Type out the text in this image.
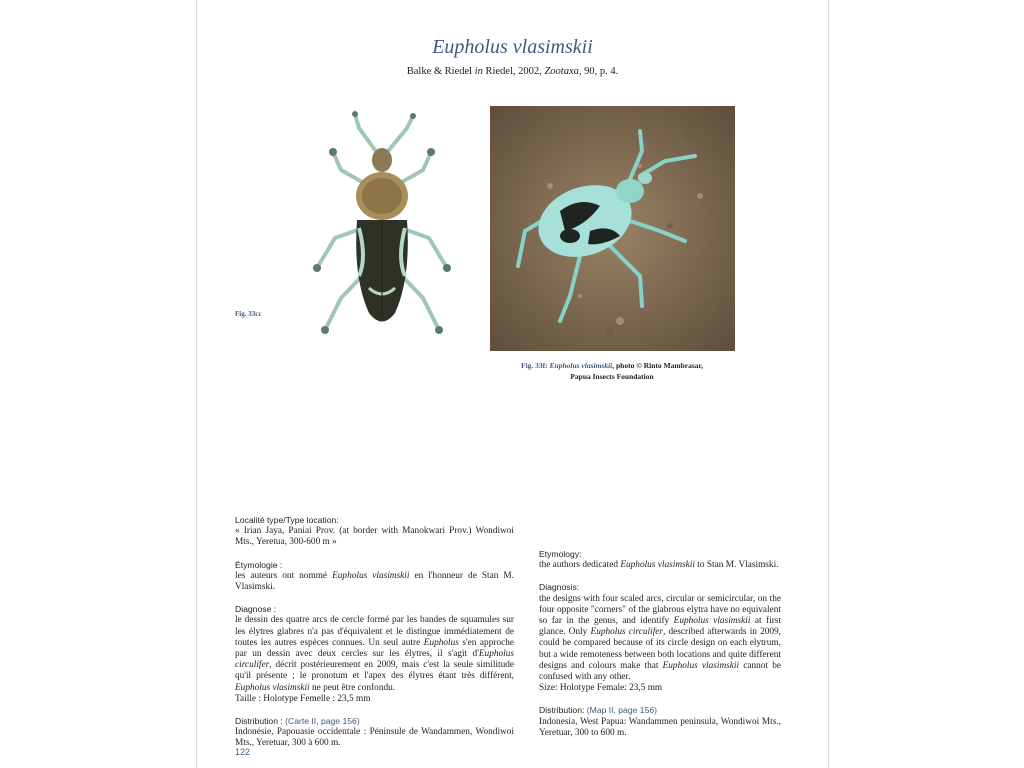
Eupholus vlasimskii
Balke & Riedel in Riedel, 2002, Zootaxa, 90, p. 4.
Fig. 33cc
Fig. 33f: Eupholus vlasimskii, photo © Rinto Mambrasar,
Papua Insects Foundation

Localité type/Type location:

« Irian Jaya, Paniai Prov. (at border with Manokwari Prov.) Wondiwoi Mts., Yeretua, 300-600 m »

Étymologie :

les auteurs ont nommé Eupholus vlasimskii en l'honneur de Stan M. Vlasimski.

Diagnose :

le dessin des quatre arcs de cercle formé par les bandes de squamules sur les élytres glabres n'a pas d'équivalent et le distingue immédiatement de toutes les autres espèces connues. Un seul autre Eupholus s'en approche par un dessin avec deux cercles sur les élytres, il s'agit d'Eupholus circulifer, décrit postérieurement en 2009, mais c'est la seule similitude qu'il présente ; le pronotum et l'apex des élytres étant très différent, Eupholus vlasimskii ne peut être confondu.

Taille : Holotype Femelle : 23,5 mm

Distribution : (Carte II, page 156)

Indonésie, Papouasie occidentale : Péninsule de Wandammen, Wondiwoi Mts., Yeretuar, 300 à 600 m.

Etymology:

the authors dedicated Eupholus vlasimskii to Stan M. Vlasimski.

Diagnosis:

the designs with four scaled arcs, circular or semicircular, on the four opposite "corners" of the glabrous elytra have no equivalent so far in the genus, and identify Eupholus vlasimskii at first glance. Only Eupholus circulifer, described afterwards in 2009, could be compared because of its circle design on each elytrum, but a wide remoteness between both locations and quite different designs and colours make that Eupholus vlasimskii cannot be confused with any other.

Size: Holotype Female: 23,5 mm

Distribution: (Map II, page 156)

Indonesia, West Papua: Wandammen peninsula, Wondiwoi Mts., Yeretuar, 300 to 600 m.

122
